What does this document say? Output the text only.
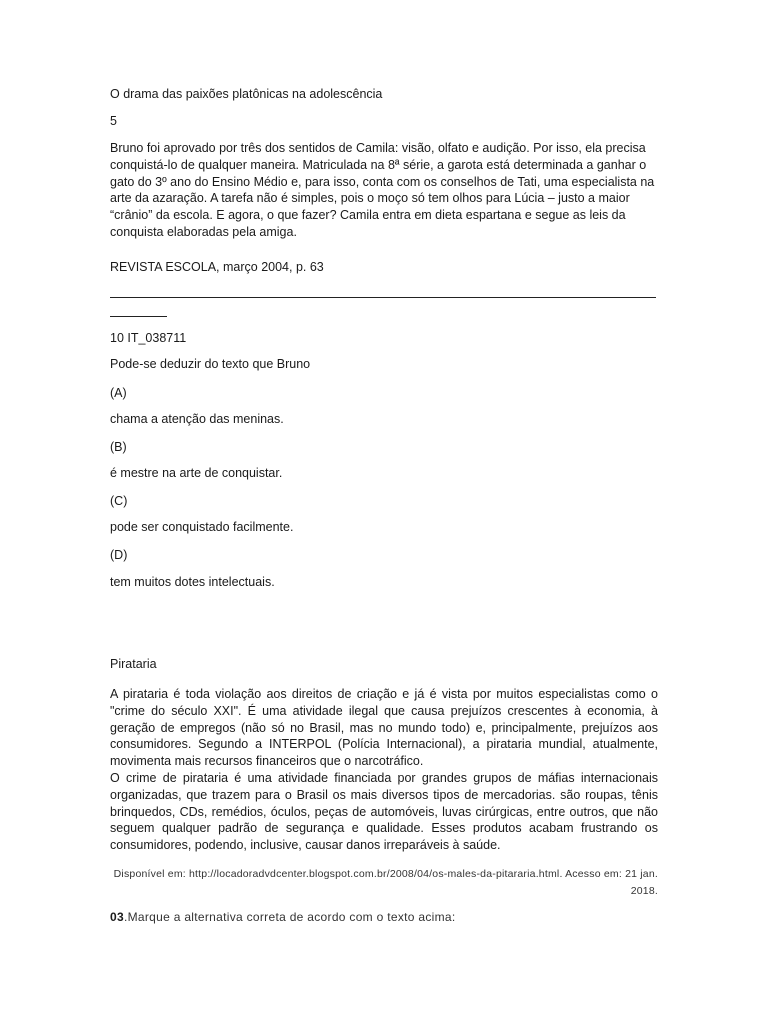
O drama das paixões platônicas na adolescência

5

Bruno foi aprovado por três dos sentidos de Camila: visão, olfato e audição. Por isso, ela precisa conquistá-lo de qualquer maneira. Matriculada na 8ª série, a garota está determinada a ganhar o gato do 3º ano do Ensino Médio e, para isso, conta com os conselhos de Tati, uma especialista na arte da azaração. A tarefa não é simples, pois o moço só tem olhos para Lúcia – justo a maior “crânio” da escola. E agora, o que fazer? Camila entra em dieta espartana e segue as leis da conquista elaboradas pela amiga.

REVISTA ESCOLA, março 2004, p. 63

10 IT_038711

Pode-se deduzir do texto que Bruno

(A)

chama a atenção das meninas.

(B)

é mestre na arte de conquistar.

(C)

pode ser conquistado facilmente.

(D)

tem muitos dotes intelectuais.

Pirataria

A pirataria é toda violação aos direitos de criação e já é vista por muitos especialistas como o "crime do século XXI". É uma atividade ilegal que causa prejuízos crescentes à economia, à geração de empregos (não só no Brasil, mas no mundo todo) e, principalmente, prejuízos aos consumidores. Segundo a INTERPOL (Polícia Internacional), a pirataria mundial, atualmente, movimenta mais recursos financeiros que o narcotráfico.

O crime de pirataria é uma atividade financiada por grandes grupos de máfias internacionais organizadas, que trazem para o Brasil os mais diversos tipos de mercadorias. são roupas, tênis brinquedos, CDs, remédios, óculos, peças de automóveis, luvas cirúrgicas, entre outros, que não seguem qualquer padrão de segurança e qualidade. Esses produtos acabam frustrando os consumidores, podendo, inclusive, causar danos irreparáveis à saúde.

Disponível em: http://locadoradvdcenter.blogspot.com.br/2008/04/os-males-da-pitararia.html. Acesso em: 21 jan. 2018.
03.Marque a alternativa correta de acordo com o texto acima:
